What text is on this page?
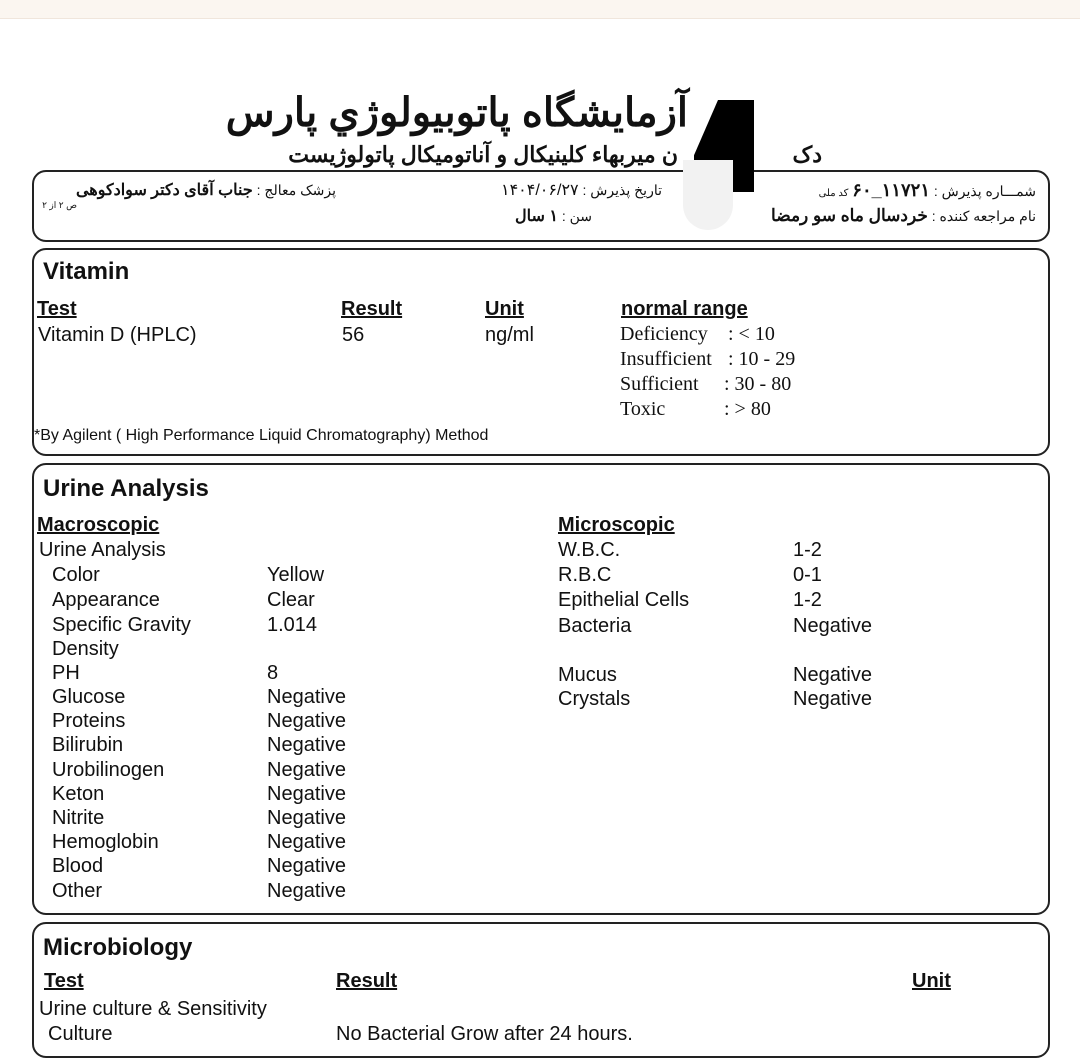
آزمایشگاه پاتوبیولوژي پارس
ن میربهاء کلینیکال و آناتومیکال پاتولوژیست	دک
شمـــاره پذیرش : ۱۱۷۲۱_۶۰ کد ملی
نام مراجعه کننده : خردسال ماه سو رمضا
تاریخ پذیرش : ۱۴۰۴/۰۶/۲۷
پزشک معالج : جناب آقای دکتر سوادکوهی
سن : ۱ سال
ص ۲ از ۲
Vitamin
Test	Result	Unit	normal range
Vitamin D (HPLC)	56	ng/ml	Deficiency : < 10
Insufficient : 10 - 29
Sufficient : 30 - 80
Toxic	: > 80
*By Agilent ( High Performance Liquid Chromatography) Method
Urine Analysis
Macroscopic	Microscopic
Urine Analysis
Color	Yellow
Appearance	Clear
Specific Gravity	1.014
Density
PH	8
Glucose	Negative
Proteins	Negative
Bilirubin	Negative
Urobilinogen	Negative
Keton	Negative
Nitrite	Negative
Hemoglobin	Negative
Blood	Negative
Other	Negative
W.B.C.	1-2
R.B.C	0-1
Epithelial Cells	1-2
Bacteria	Negative
Mucus	Negative
Crystals	Negative
Microbiology
Test	Result	Unit
Urine culture & Sensitivity
Culture	No Bacterial Grow after 24 hours.
